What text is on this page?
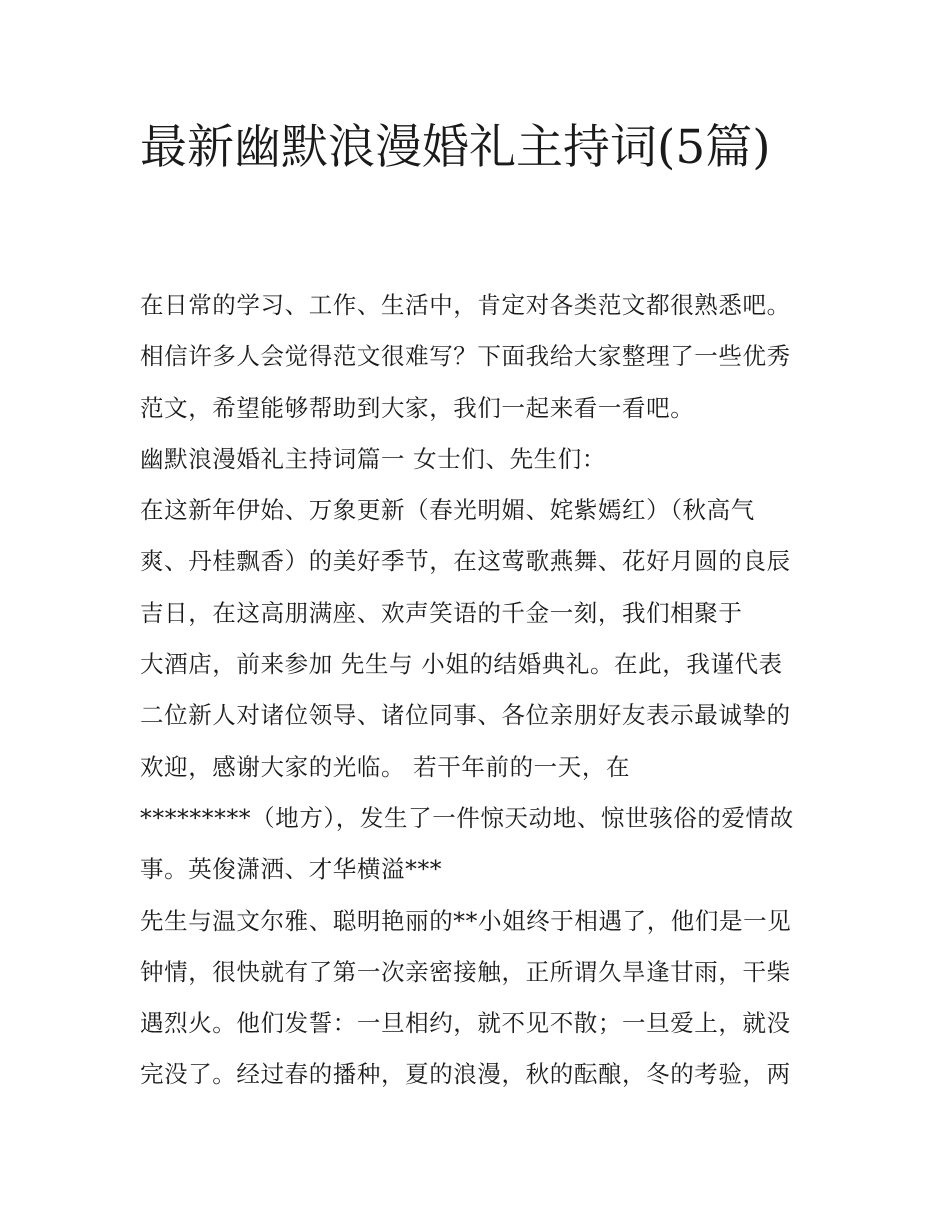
最新幽默浪漫婚礼主持词(5篇)
在日常的学习、工作、生活中，肯定对各类范文都很熟悉吧。
相信许多人会觉得范文很难写？下面我给大家整理了一些优秀
范文，希望能够帮助到大家，我们一起来看一看吧。
幽默浪漫婚礼主持词篇一 女士们、先生们：
在这新年伊始、万象更新（春光明媚、姹紫嫣红）（秋高气
爽、丹桂飘香）的美好季节，在这莺歌燕舞、花好月圆的良辰
吉日，在这高朋满座、欢声笑语的千金一刻，我们相聚于
大酒店，前来参加 先生与 小姐的结婚典礼。在此，我谨代表
二位新人对诸位领导、诸位同事、各位亲朋好友表示最诚挚的
欢迎，感谢大家的光临。 若干年前的一天，在
*********（地方），发生了一件惊天动地、惊世骇俗的爱情故
事。英俊潇洒、才华横溢***
先生与温文尔雅、聪明艳丽的**小姐终于相遇了，他们是一见
钟情，很快就有了第一次亲密接触，正所谓久旱逢甘雨，干柴
遇烈火。他们发誓：一旦相约，就不见不散；一旦爱上，就没
完没了。经过春的播种，夏的浪漫，秋的酝酿，冬的考验，两
